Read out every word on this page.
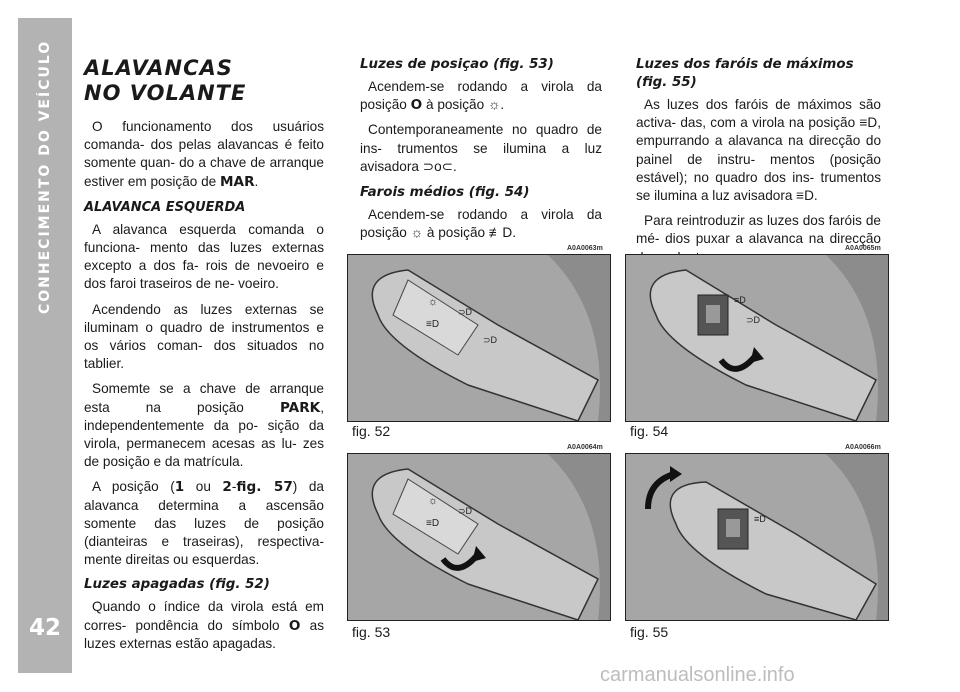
CONHECIMENTO DO VEÍCULO
42
ALAVANCAS
NO VOLANTE

O funcionamento dos usuários comanda- dos pelas alavancas é feito somente quan- do a chave de arranque estiver em posição de MAR.

ALAVANCA ESQUERDA

A alavanca esquerda comanda o funciona- mento das luzes externas excepto a dos fa- rois de nevoeiro e dos faroi traseiros de ne- voeiro.

Acendendo as luzes externas se iluminam o quadro de instrumentos e os vários coman- dos situados no tablier.

Somemte se a chave de arranque esta na posição PARK, independentemente da po- sição da virola, permanecem acesas as lu- zes de posição e da matrícula.

A posição (1 ou 2-fig. 57) da alavanca determina a ascensão somente das luzes de posição (dianteiras e traseiras), respectiva- mente direitas ou esquerdas.

Luzes apagadas (fig. 52)

Quando o índice da virola está em corres- pondência do símbolo O as luzes externas estão apagadas.

Luzes de posiçao (fig. 53)

Acendem-se rodando a virola da posição O à posição ☼.

Contemporaneamente no quadro de ins- trumentos se ilumina a luz avisadora ⊃o⊂.

Farois médios (fig. 54)

Acendem-se rodando a virola da posição ☼ à posição ≢D.

Luzes dos faróis de máximos (fig. 55)

As luzes dos faróis de máximos são activa- das, com a virola na posição ≡D, empurrando a alavanca na direcção do painel de instru- mentos (posição estável); no quadro dos ins- trumentos se ilumina a luz avisadora ≡D.

Para reintroduzir as luzes dos faróis de mé- dios puxar a alavanca na direcção

A0A0063m
☼
≡D
⊃D
⊃D
fig. 52
A0A0065m
≡D
⊃D
fig. 54
A0A0064m
☼
≡D
⊃D
fig. 53
A0A0066m
≡D
fig. 55
carmanualsonline.info
